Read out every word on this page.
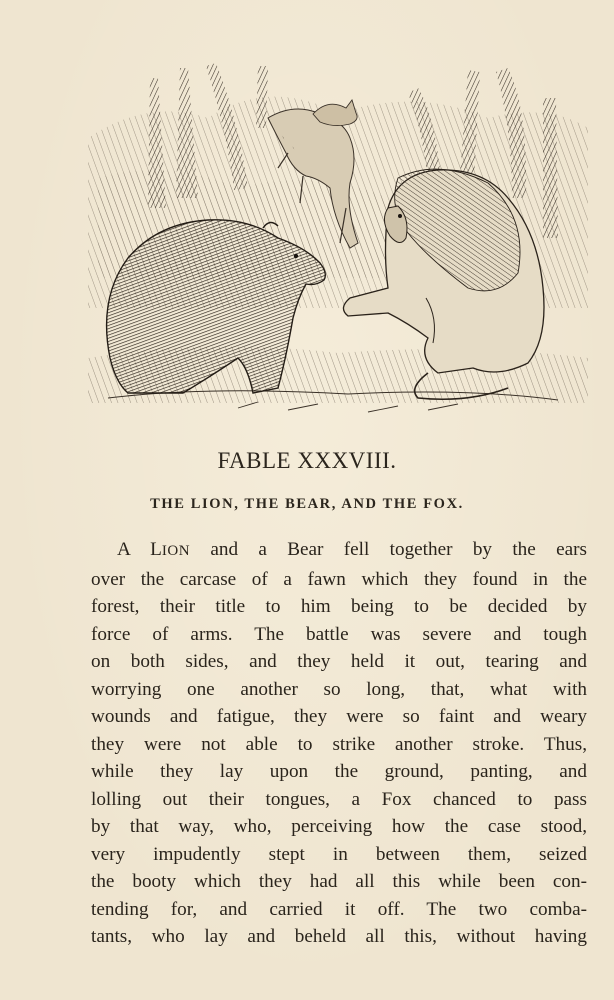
FABLE XXXVIII.
THE LION, THE BEAR, AND THE FOX.
A LION and a Bear fell together by the ears
over the carcase of a fawn which they found in the
forest, their title to him being to be decided by
force of arms. The battle was severe and tough
on both sides, and they held it out, tearing and
worrying one another so long, that, what with
wounds and fatigue, they were so faint and weary
they were not able to strike another stroke. Thus,
while they lay upon the ground, panting, and
lolling out their tongues, a Fox chanced to pass
by that way, who, perceiving how the case stood,
very impudently stept in between them, seized
the booty which they had all this while been con-
tending for, and carried it off. The two comba-
tants, who lay and beheld all this, without having
